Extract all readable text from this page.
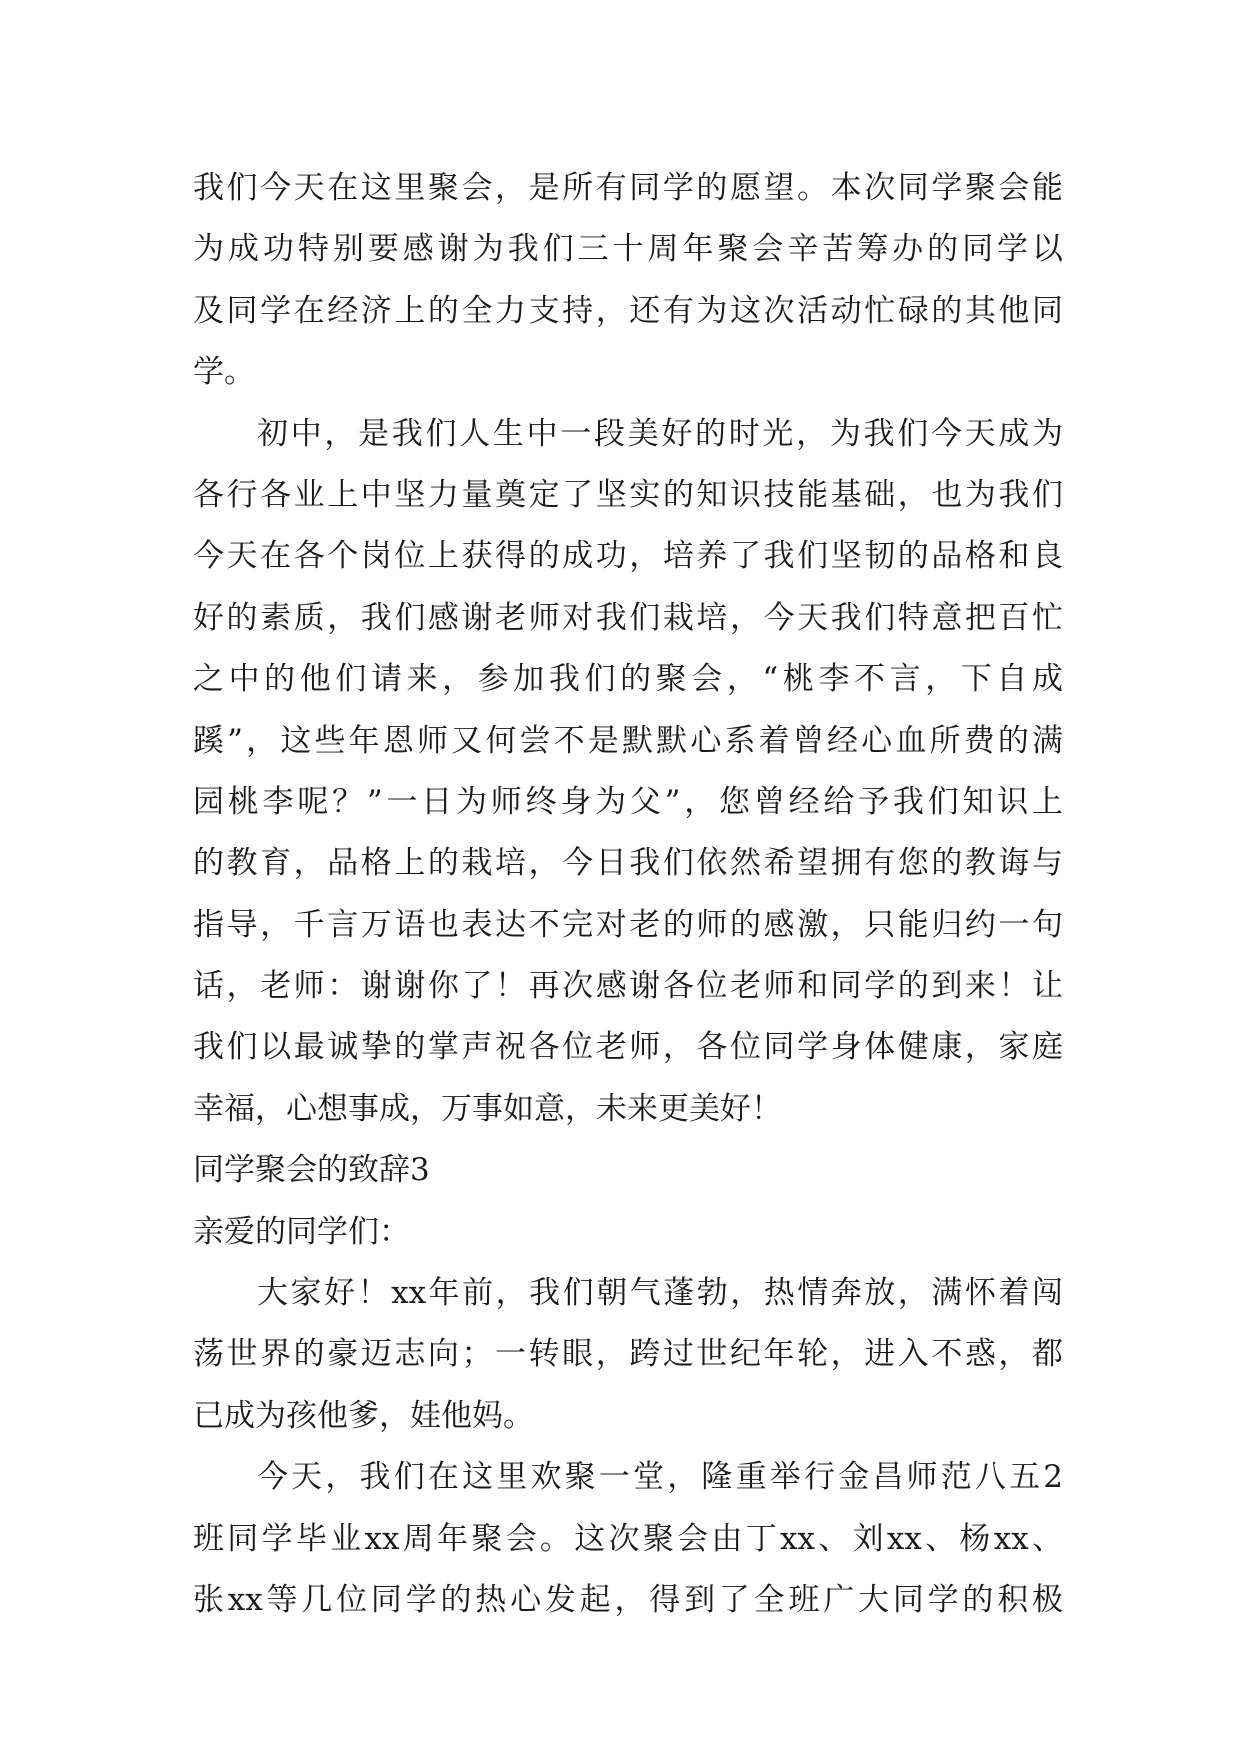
我们今天在这里聚会，是所有同学的愿望。本次同学聚会能
为成功特别要感谢为我们三十周年聚会辛苦筹办的同学以
及同学在经济上的全力支持，还有为这次活动忙碌的其他同
学。
初中，是我们人生中一段美好的时光，为我们今天成为
各行各业上中坚力量奠定了坚实的知识技能基础，也为我们
今天在各个岗位上获得的成功，培养了我们坚韧的品格和良
好的素质，我们感谢老师对我们栽培，今天我们特意把百忙
之中的他们请来，参加我们的聚会，“桃李不言，下自成
蹊”，这些年恩师又何尝不是默默心系着曾经心血所费的满
园桃李呢？”一日为师终身为父”，您曾经给予我们知识上
的教育，品格上的栽培，今日我们依然希望拥有您的教诲与
指导，千言万语也表达不完对老的师的感激，只能归约一句
话，老师：谢谢你了！再次感谢各位老师和同学的到来！让
我们以最诚挚的掌声祝各位老师，各位同学身体健康，家庭
幸福，心想事成，万事如意，未来更美好！
同学聚会的致辞3
亲爱的同学们：
大家好！xx年前，我们朝气蓬勃，热情奔放，满怀着闯
荡世界的豪迈志向；一转眼，跨过世纪年轮，进入不惑，都
已成为孩他爹，娃他妈。
今天，我们在这里欢聚一堂，隆重举行金昌师范八五2
班同学毕业xx周年聚会。这次聚会由丁xx、刘xx、杨xx、
张xx等几位同学的热心发起，得到了全班广大同学的积极
